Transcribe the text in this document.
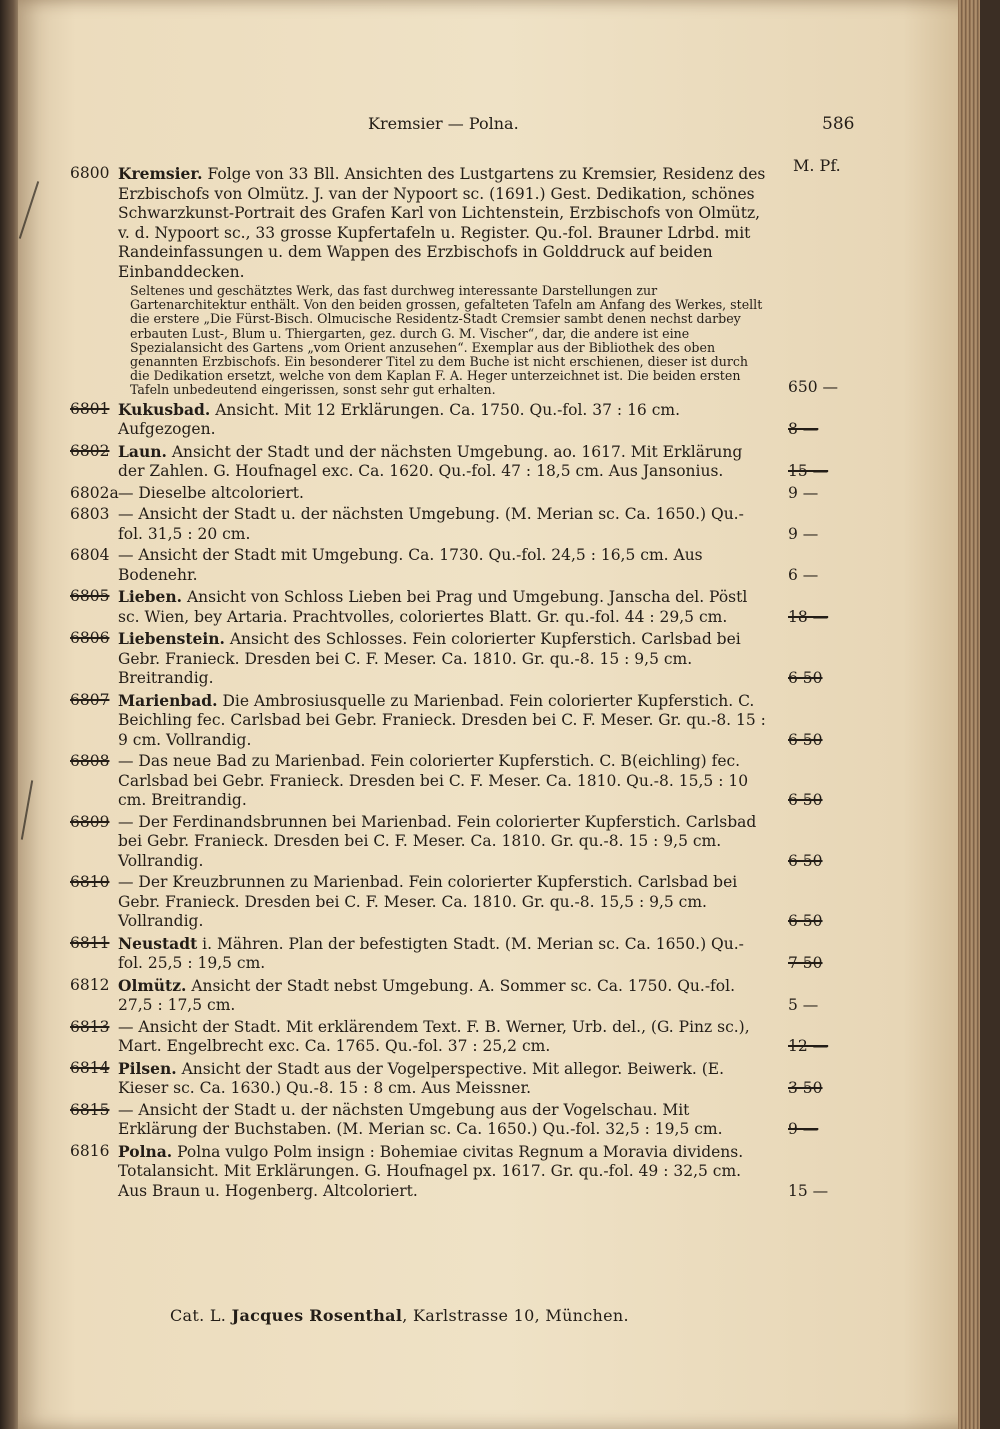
Kremsier — Polna.	586
M. Pf.
6800 Kremsier. Folge von 33 Bll. Ansichten des Lustgartens zu Kremsier, Residenz des Erzbischofs von Olmütz. J. van der Nypoort sc. (1691.) Gest. Dedikation, schönes Schwarzkunst-Portrait des Grafen Karl von Lichtenstein, Erzbischofs von Olmütz, v. d. Nypoort sc., 33 grosse Kupfertafeln u. Register. Qu.-fol. Brauner Ldrbd. mit Randeinfassungen u. dem Wappen des Erzbischofs in Golddruck auf beiden Einbanddecken.
Seltenes und geschätztes Werk, das fast durchweg interessante Darstellungen zur Gartenarchitektur enthält. Von den beiden grossen, gefalteten Tafeln am Anfang des Werkes, stellt die erstere „Die Fürst-Bisch. Olmucische Residentz-Stadt Cremsier sambt denen nechst darbey erbauten Lust-, Blum u. Thiergarten, gez. durch G. M. Vischer“, dar, die andere ist eine Spezialansicht des Gartens „vom Orient anzusehen“. Exemplar aus der Bibliothek des oben genannten Erzbischofs. Ein besonderer Titel zu dem Buche ist nicht erschienen, dieser ist durch die Dedikation ersetzt, welche von dem Kaplan F. A. Heger unterzeichnet ist. Die beiden ersten Tafeln unbedeutend eingerissen, sonst sehr gut erhalten.	650 —
6801 Kukusbad. Ansicht. Mit 12 Erklärungen. Ca. 1750. Qu.-fol. 37 : 16 cm. Aufgezogen.	8 —
6802 Laun. Ansicht der Stadt und der nächsten Umgebung. ao. 1617. Mit Erklärung der Zahlen. G. Houfnagel exc. Ca. 1620. Qu.-fol. 47 : 18,5 cm. Aus Jansonius.	15 —
6802a — Dieselbe altcoloriert.	9 —
6803 — Ansicht der Stadt u. der nächsten Umgebung. (M. Merian sc. Ca. 1650.) Qu.-fol. 31,5 : 20 cm.	9 —
6804 — Ansicht der Stadt mit Umgebung. Ca. 1730. Qu.-fol. 24,5 : 16,5 cm. Aus Bodenehr.	6 —
6805 Lieben. Ansicht von Schloss Lieben bei Prag und Umgebung. Janscha del. Pöstl sc. Wien, bey Artaria. Prachtvolles, coloriertes Blatt. Gr. qu.-fol. 44 : 29,5 cm.	18 —
6806 Liebenstein. Ansicht des Schlosses. Fein colorierter Kupferstich. Carlsbad bei Gebr. Franieck. Dresden bei C. F. Meser. Ca. 1810. Gr. qu.-8. 15 : 9,5 cm. Breitrandig.	6 50
6807 Marienbad. Die Ambrosiusquelle zu Marienbad. Fein colorierter Kupferstich. C. Beichling fec. Carlsbad bei Gebr. Franieck. Dresden bei C. F. Meser. Gr. qu.-8. 15 : 9 cm. Vollrandig.	6 50
6808 — Das neue Bad zu Marienbad. Fein colorierter Kupferstich. C. B(eichling) fec. Carlsbad bei Gebr. Franieck. Dresden bei C. F. Meser. Ca. 1810. Qu.-8. 15,5 : 10 cm. Breitrandig.	6 50
6809 — Der Ferdinandsbrunnen bei Marienbad. Fein colorierter Kupferstich. Carlsbad bei Gebr. Franieck. Dresden bei C. F. Meser. Ca. 1810. Gr. qu.-8. 15 : 9,5 cm. Vollrandig.	6 50
6810 — Der Kreuzbrunnen zu Marienbad. Fein colorierter Kupferstich. Carlsbad bei Gebr. Franieck. Dresden bei C. F. Meser. Ca. 1810. Gr. qu.-8. 15,5 : 9,5 cm. Vollrandig.	6 50
6811 Neustadt i. Mähren. Plan der befestigten Stadt. (M. Merian sc. Ca. 1650.) Qu.-fol. 25,5 : 19,5 cm.	7 50
6812 Olmütz. Ansicht der Stadt nebst Umgebung. A. Sommer sc. Ca. 1750. Qu.-fol. 27,5 : 17,5 cm.	5 —
6813 — Ansicht der Stadt. Mit erklärendem Text. F. B. Werner, Urb. del., (G. Pinz sc.), Mart. Engelbrecht exc. Ca. 1765. Qu.-fol. 37 : 25,2 cm.	12 —
6814 Pilsen. Ansicht der Stadt aus der Vogelperspective. Mit allegor. Beiwerk. (E. Kieser sc. Ca. 1630.) Qu.-8. 15 : 8 cm. Aus Meissner.	3 50
6815 — Ansicht der Stadt u. der nächsten Umgebung aus der Vogelschau. Mit Erklärung der Buchstaben. (M. Merian sc. Ca. 1650.) Qu.-fol. 32,5 : 19,5 cm.	9 —
6816 Polna. Polna vulgo Polm insign : Bohemiae civitas Regnum a Moravia dividens. Totalansicht. Mit Erklärungen. G. Houfnagel px. 1617. Gr. qu.-fol. 49 : 32,5 cm. Aus Braun u. Hogenberg. Altcoloriert.	15 —
Cat. L. Jacques Rosenthal, Karlstrasse 10, München.
